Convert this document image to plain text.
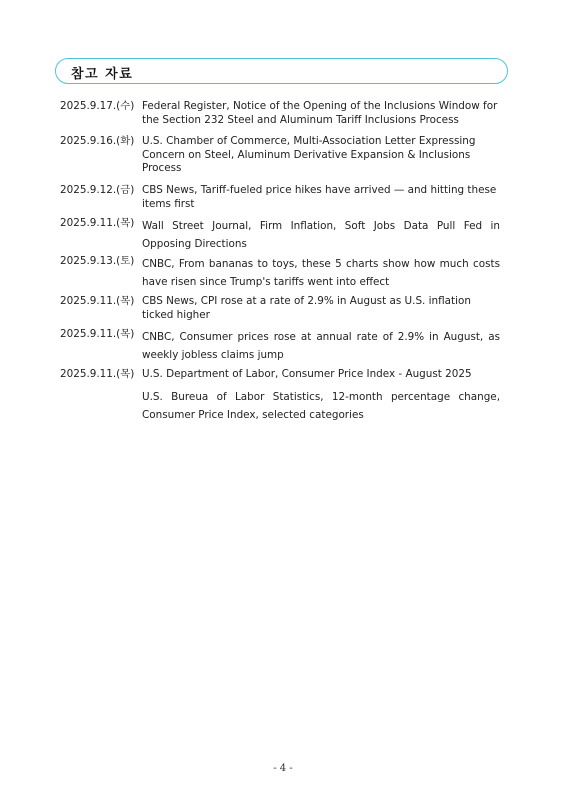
참고 자료
2025.9.17.(수) Federal Register, Notice of the Opening of the Inclusions Window for the Section 232 Steel and Aluminum Tariff Inclusions Process
2025.9.16.(화) U.S. Chamber of Commerce, Multi-Association Letter Expressing Concern on Steel, Aluminum Derivative Expansion & Inclusions Process
2025.9.12.(금) CBS News, Tariff-fueled price hikes have arrived — and hitting these items first
2025.9.11.(목) Wall Street Journal, Firm Inflation, Soft Jobs Data Pull Fed in Opposing Directions
2025.9.13.(토) CNBC, From bananas to toys, these 5 charts show how much costs have risen since Trump's tariffs went into effect
2025.9.11.(목) CBS News, CPI rose at a rate of 2.9% in August as U.S. inflation ticked higher
2025.9.11.(목) CNBC, Consumer prices rose at annual rate of 2.9% in August, as weekly jobless claims jump
2025.9.11.(목) U.S. Department of Labor, Consumer Price Index - August 2025
U.S. Bureua of Labor Statistics, 12-month percentage change, Consumer Price Index, selected categories
- 4 -
